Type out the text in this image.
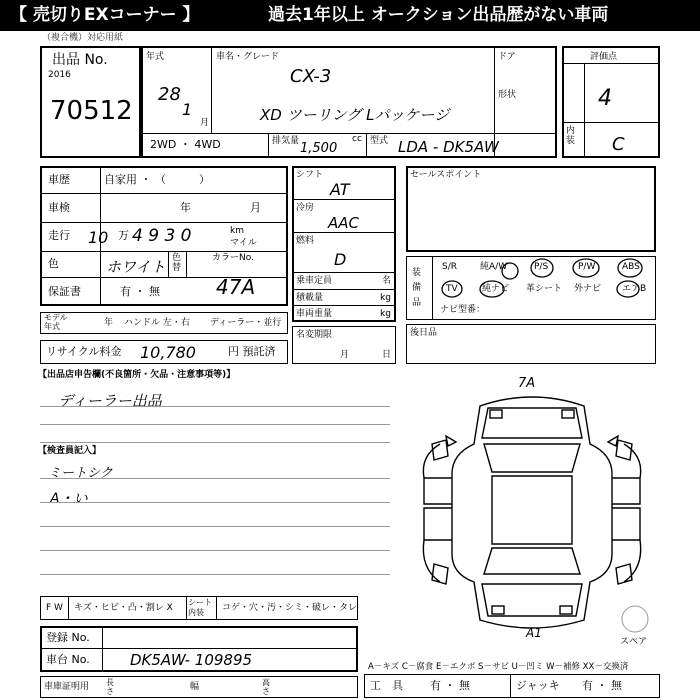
【 売切りEXコーナー 】	過去1年以上 オークション出品歴がない車両
（複合機）対応用紙
出品 No.
2016
70512
年式
28
1
月
車名・グレード
CX-3
XD ツーリング Lパッケージ
ドア
形状
2WD ・ 4WD	排気量	cc
1,500	型式 LDA - DK5AW
評価点
4
内装 C
車歴	自家用 ・ （　　　）
車検	年	月
走行 10 万 4 9 3 0	km
マイル
色	ホワイト 色替
カラーNo.
47A
保証書	有 ・ 無
モデル年式	年 ハンドル 左・右 ディーラー・並行
リサイクル料金 10,780	円 預託済
シフト
AT
冷房
AAC
燃料
D
乗車定員	名
積載量	kg
車両重量	kg
名変期限
月	日
セールスポイント
装備品
S/R	純A/W	P/S	P/W	ABS
TV	純ナビ 革シート 外ナビ エアB
ナビ型番：
後日品
【出品店申告欄(不良箇所・欠品・注意事項等)】
ディーラー出品
【検査員記入】
ミートシク
A・い
F W キズ・ヒビ・凸・割レ X
シート内装	コゲ・穴・汚・シミ・破レ・タレ
登録 No.
車台 No.	DK5AW- 109895
車庫証明用 長さ	幅	高さ
7A
A1
スペア
A－キズ C－腐食 E－エクボ S－サビ U－凹ミ W－補修 XX－交換済
工　具 有 ・ 無	ジャッキ 有 ・ 無
